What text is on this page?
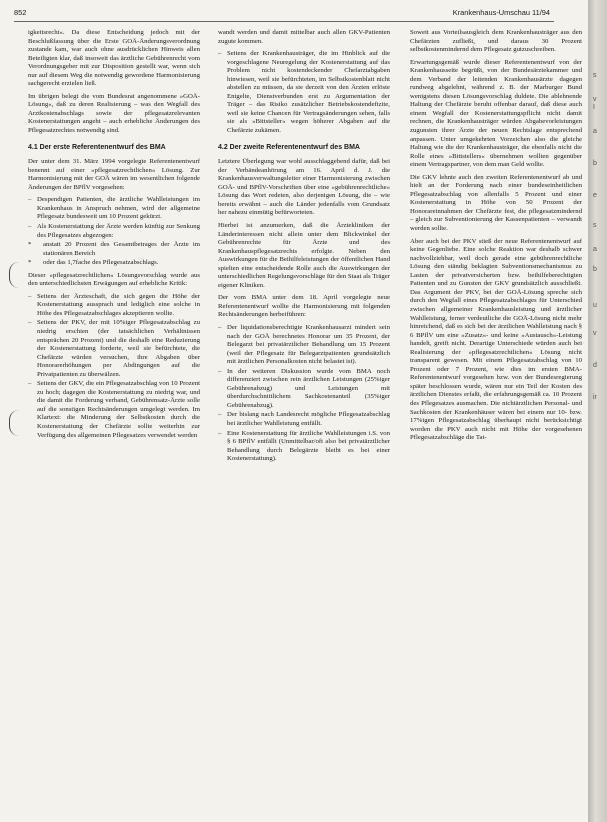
852	Krankenhaus-Umschau 11/94

igkeitsrecht«. Da diese Entscheidung jedoch mit der Beschlußfassung über die Erste GOÄ-Änderungsverordnung zustande kam, war auch ohne ausdrücklichen Hinweis allen Beteiligten klar, daß insoweit das ärztliche Gebührenrecht vom Verordnungsgeber mit zur Disposition gestellt war, wenn sich nur auf diesem Weg die notwendig gewordene Harmonisierung sachgerecht erzielen ließ.

Im übrigen belegt die vom Bundesrat angenommene »GOÄ-Lösung«, daß zu deren Realisierung – was den Wegfall des Arztkostenabschlags sowie der pflegesatzrelevanten Kostenerstattungen angeht – auch erhebliche Änderungen des Pflegesatzrechtes notwendig sind.

4.1 Der erste Referentenentwurf des BMA

Der unter dem 31. März 1994 vorgelegte Referentenentwurf benennt auf einer »pflegesatzrechtlichen« Lösung. Zur Harmonisierung mit der GOÄ wären im wesentlichen folgende Änderungen der BPflV vorgesehen:

– Despendigen Patienten, die ärztliche Wahlleistungen im Krankenhaus in Anspruch nehmen, wird der allgemeine Pflegesatz bundesweit um 10 Prozent gekürzt.
– Als Kostenerstattung der Ärzte werden künftig zur Senkung des Pflegesatzes abgezogen:
* anstatt 20 Prozent des Gesamtbetrages der Ärzte im stationären Bereich
* oder das 1,7fache des Pflegesatzabschlags.

Dieser »pflegesatzrechtlichen« Lösungsvorschlag wurde aus den unterschiedlichsten Erwägungen auf erhebliche Kritik:

– Seitens der Ärzteschaft, die sich gegen die Höhe der Kostenerstattung aussprach und lediglich eine solche in Höhe des Pflegesatzabschlages akzeptieren wollte.
– Seitens der PKV, der mit 10%iger Pflegesatzabschlag zu niedrig erschien (der tatsächlichen Verhältnissen entsprächen 20 Prozent) und die deshalb eine Reduzierung der Kostenerstattung forderte, weil sie befürchtete, die Chefärzte würden versuchen, ihre Abgaben über Honorarerhöhungen per Abdingungen auf die Privatpatienten zu überwälzen.
– Seitens der GKV, die ein Pflegesatzabschlag von 10 Prozent zu hoch; dagegen die Kostenerstattung zu niedrig war, und die damit die Forderung verband, Gebührensatz-Ärzte solle auf die sonstigen Rechtsänderungen umgelegt werden. Im Klartext: die Minderung der Selbstkosten durch die Kostenerstattung der Chefärzte sollte weiterhin zur Verfügung des allgemeinen Pflegesatzes verwendet werden

wandt werden und damit mittelbar auch allen GKV-Patienten zugute kommen.

– Seitens der Krankenhausträger, die im Hinblick auf die vorgeschlagene Neuregelung der Kostenerstattung auf das Problem nicht kostendeckender Chefarztabgaben hinwiesen, weil sie befürchteten, im Selbstkostenblatt nicht abstellen zu müssen, da sie derzeit von den Ärzten erlöste Entgelte, Dienstverbunden erst zu Argumentation der Träger – das Risiko zusätzlicher Betriebskostendefizite, weil sie keine Chancen für Vertragsänderungen sehen, falls sie als »Bittsteller« wegen höherer Abgaben auf die Chefärzte zukämen.
4.2 Der zweite Referentenentwurf des BMA

Letztere Überlegung war wohl ausschlaggebend dafür, daß bei der Verbändeanhörung am 16. April d. J. die Krankenhausverwaltungsleiter einer Harmonisierung zwischen GOÄ- und BPflV-Vorschriften über eine »gebührenrechtliche« Lösung das Wort redeten, also derjenigen Lösung, die – wie bereits erwähnt – auch die Länder jedenfalls vom Grundsatz her nahezu einmütig befürworteten.

Hierbei ist anzumerken, daß die Ärztekliniken der Länderinteressen nicht allein unter dem Blickwinkel der Gebührenrechte für Ärzte und des Krankenhauspflegesatzrechts erfolgte. Neben den Auswirkungen für die Beihilfeleistungen der öffentlichen Hand spielten eine entscheidende Rolle auch die Auswirkungen der unterschiedlichen Regelungsvorschläge für den Staat als Träger eigener Kliniken.

Der vom BMA unter dem 18. April vorgelegte neue Referentenentwurf wollte die Harmonisierung mit folgenden Rechtsänderungen herbeiführen:

– Der liquidationsberechtigte Krankenhausarzt mindert sein nach der GOÄ berechnetes Honorar um 35 Prozent, der Belegarzt bei privatärztlicher Behandlung um 15 Prozent (weil der Pflegesatz für Belegarztpatienten grundsätzlich mit ärztlichen Personalkosten nicht belastet ist).
– In der weiteren Diskussion wurde vom BMA noch differenziert zwischen rein ärztlichen Leistungen (25%iger Gebührenabzug) und Leistungen mit überdurchschnittlichem Sachkostenanteil (35%iger Gebührenabzug).
– Der bislang nach Landesrecht mögliche Pflegesatzabschlag bei ärztlicher Wahlleistung entfällt.
– Eine Kostenerstattung für ärztliche Wahlleistungen i.S. von § 6 BPflV entfällt (Unmittelbar/oft also bei privatärztlicher Behandlung durch Belegärzte bleibt es bei einer Kostenerstattung).

Soweit aus Vorteilsausgleich dem Krankenhausträger aus den Chefärzten zufließt, und daraus 30 Prozent selbstkostenmindernd dem Pflegesatz gutzuschreiben.

Erwartungsgemäß wurde dieser Referentenentwurf von der Krankenhausseite begrüßt, von der Bundesärztekammer und dem Verband der leitenden Krankenhausärzte dagegen rundweg abgelehnt, während z. B. der Marburger Bund wenigstens diesen Lösungsvorschlag duldete. Die ablehnende Haltung der Chefärzte beruht offenbar darauf, daß diese auch einem Wegfall der Kostenerstattungspflicht nicht damit rechnen, die Krankenhausträger würden Abgabevorleistungen zugunsten ihrer Ärzte der neuen Rechtslage entsprechend anpassen. Unter umgekehrten Vorzeichen also die gleiche Haltung wie die der Krankenhausträger, die ebenfalls nicht die Rolle eines »Bittstellers« übernehmen wollten gegenüber einem Vertragspartner, von dem man Geld wollte.

Die GKV lehnte auch den zweiten Referentenentwurf ab und hielt an der Forderung nach einer bundeseinheitlichen Pflegesatzabschlag von allenfalls 5 Prozent und einer Kostenerstattung in Höhe von 50 Prozent der Honorareinnahmen der Chefärzte fest, die pflegesatzmindernd – gleich zur Subventionierung der Kassenpatienten – verwandt werden sollte.

Aber auch bei der PKV stieß der neue Referentenentwurf auf keine Gegenliebe. Eine solche Reaktion war deshalb schwer nachvollziehbar, weil doch gerade eine gebührenrechtliche Lösung den ständig beklagten Subventionsmechanismus zu Lasten der privatversicherten bzw. beihilfeberechtigten Patienten und zu Gunsten der GKV grundsätzlich ausschließt. Das Argument der PKV, bei der GOÄ-Lösung spreche sich durch den Wegfall eines Pflegesatzabschlages für Unterschied zwischen allgemeiner Krankenhausleistung und ärztlicher Wahlleistung, ferner verdeutliche die GOÄ-Lösung nicht mehr hinreichend, daß es sich bei der ärztlichen Wahlleistung nach § 6 BPflV um eine »Zusatz«- und keine »Austausch«-Leistung handelt, greift nicht. Derartige Unterschiede würden auch bei Realisierung der »pflegesatzrechtlichen« Lösung nicht transparent gewesen. Mit einem Pflegesatzabschlag von 10 Prozent oder 7 Prozent, wie dies im ersten BMA-Referentenentwurf vorgesehen bzw. von der Bundesregierung später beschlossen wurde, wären nur ein Teil der Kosten des ärztlichen Dienstes erfaßt, die erfahrungsgemäß ca. 10 Prozent des Pflegesatzes ausmachen. Die nichtärztlichen Personal- und Sachkosten der Krankenhäuser wären bei einem nur 10- bzw. 17%igen Pflegesatzabschlag überhaupt nicht berücksichtigt worden die PKV auch nicht mit Höhe der vorgesehenen Pflegesatzabschläge die Tat-

s
v
I
a
b
e
s
a
b
u
v
d
ir
